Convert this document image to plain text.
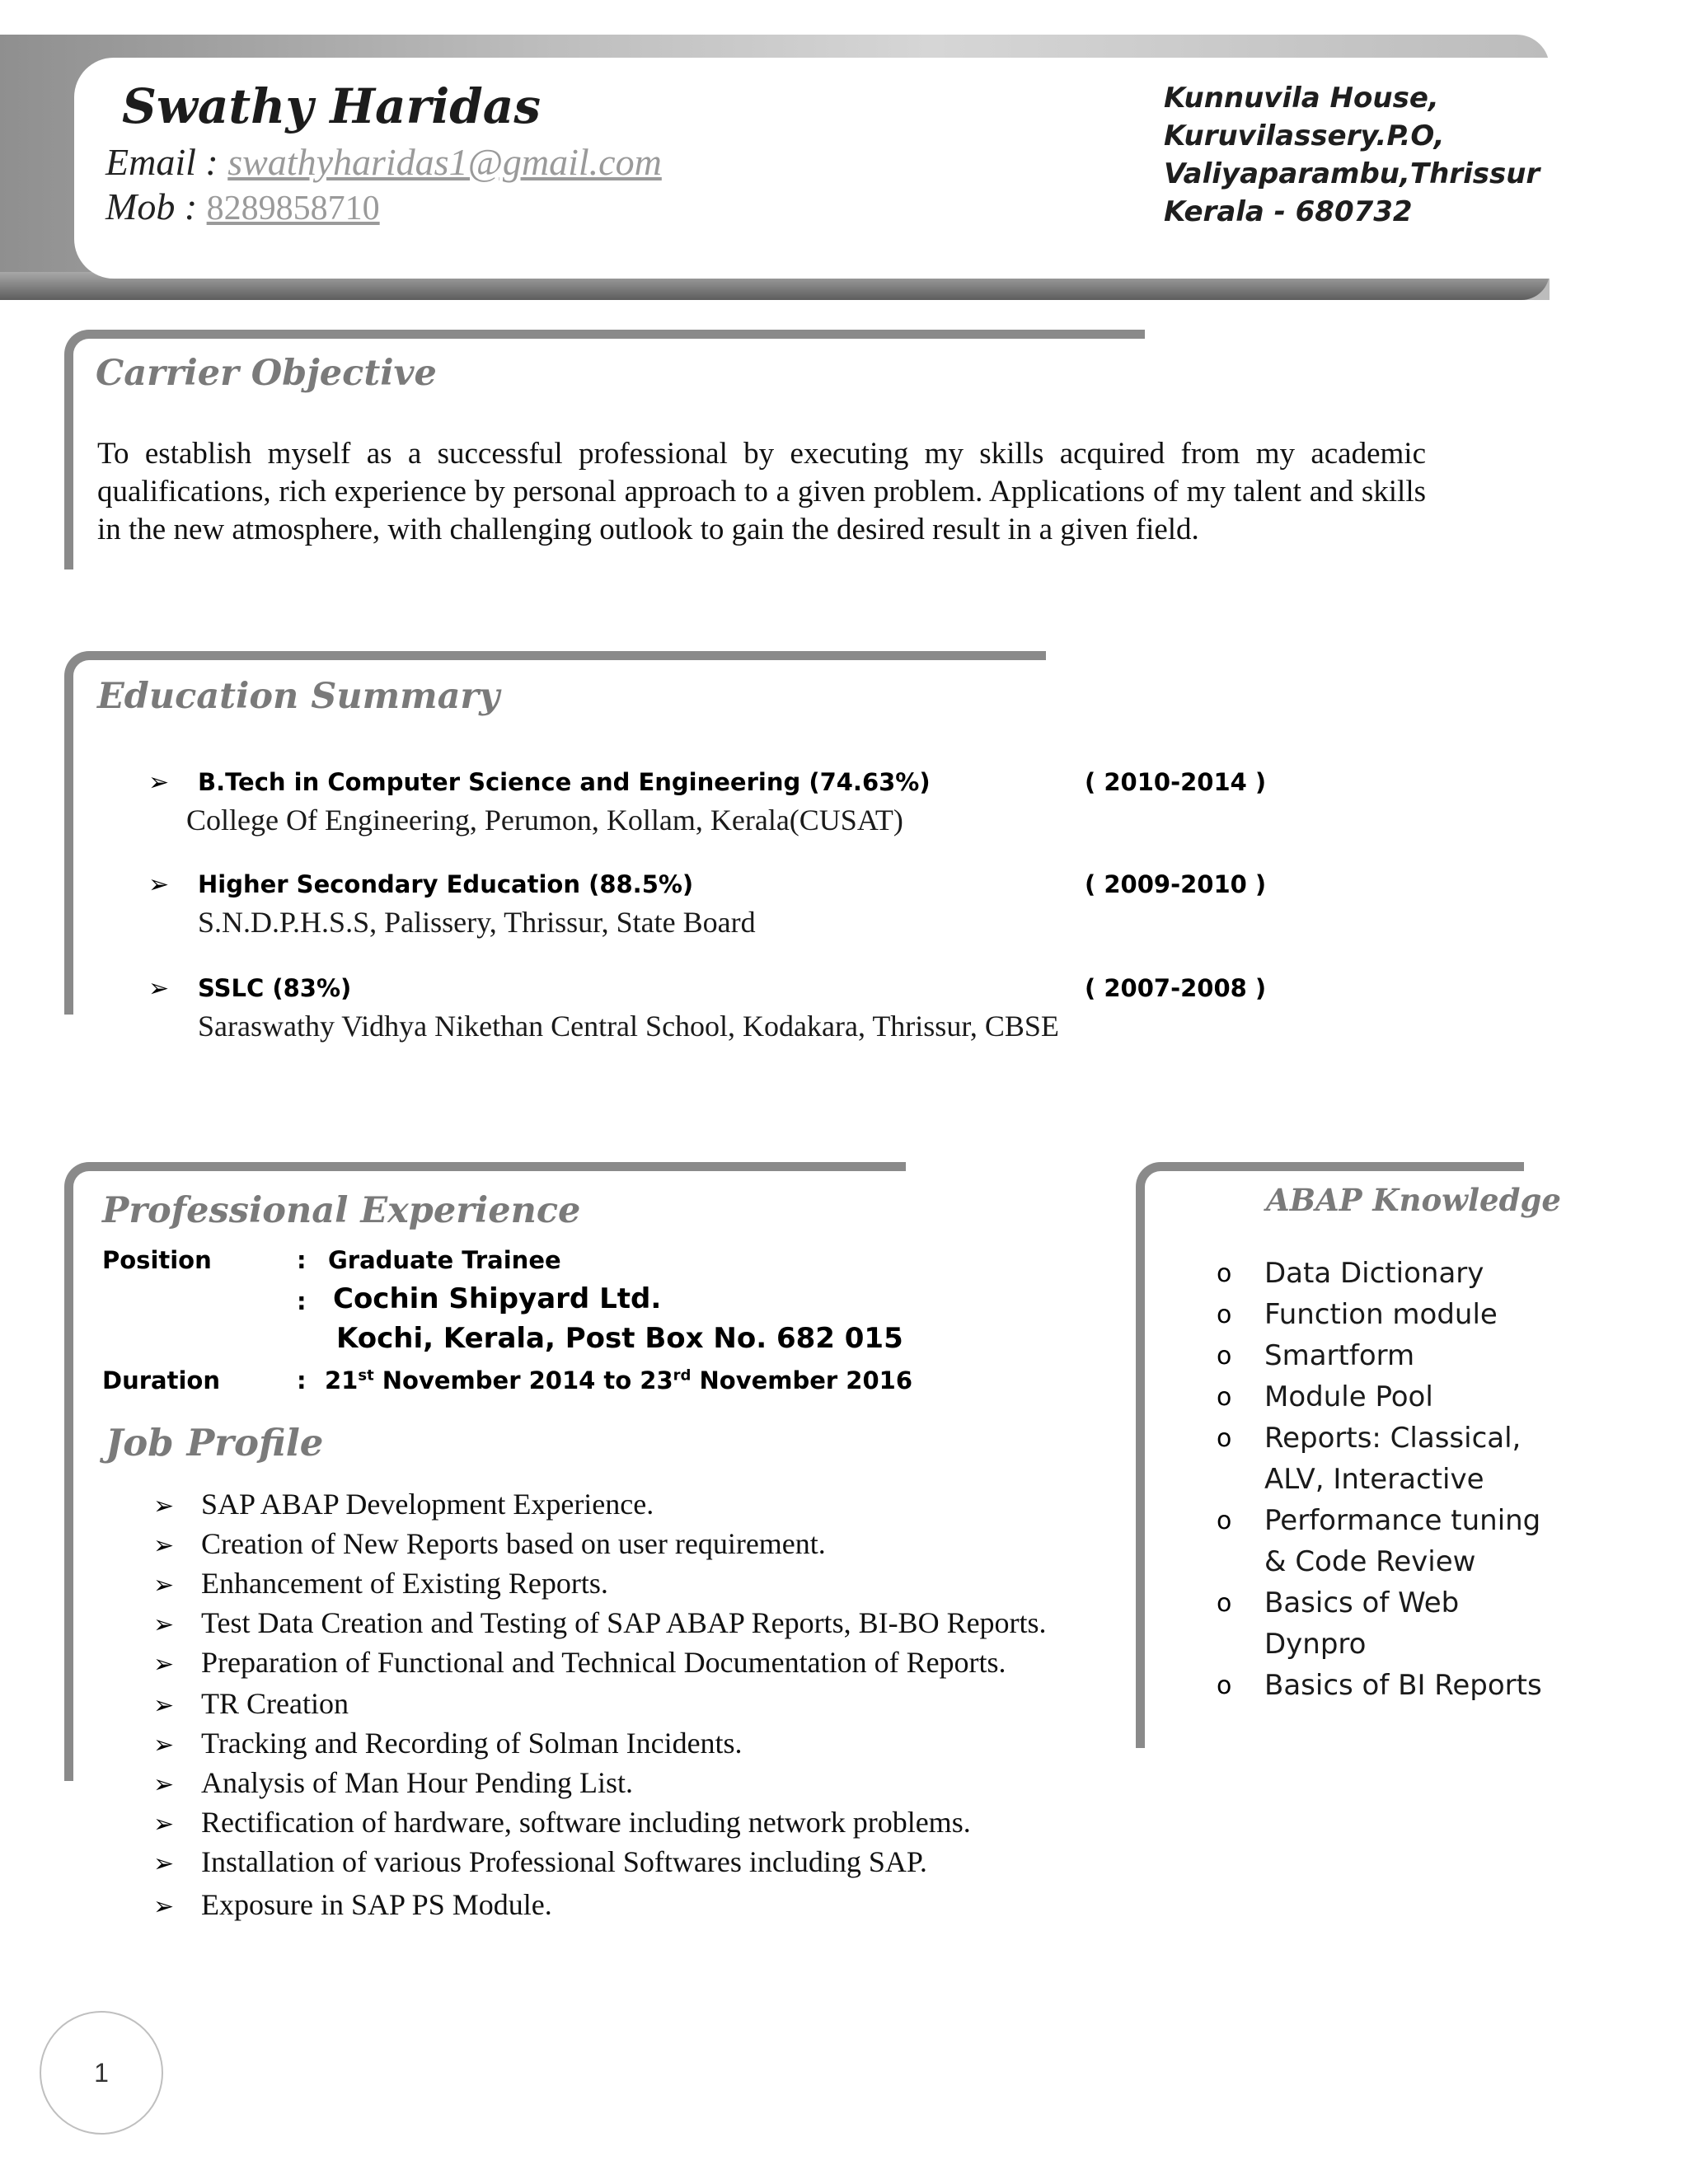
Swathy Haridas
Email : swathyharidas1@gmail.com
Mob : 8289858710
Kunnuvila House,
Kuruvilassery.P.O,
Valiyaparambu,Thrissur
Kerala - 680732
Carrier Objective
To establish myself as a successful professional by executing my skills acquired from my academic qualifications, rich experience by personal approach to a given problem. Applications of my talent and skills in the new atmosphere, with challenging outlook to gain the desired result in a given field.
Education Summary
➢ B.Tech in Computer Science and Engineering (74.63%)	( 2010-2014 )
College Of Engineering, Perumon, Kollam, Kerala(CUSAT)
➢ Higher Secondary Education (88.5%)	( 2009-2010 )
S.N.D.P.H.S.S, Palissery, Thrissur, State Board
➢ SSLC (83%)	( 2007-2008 )
Saraswathy Vidhya Nikethan Central School, Kodakara, Thrissur, CBSE
Professional Experience
Position	: Graduate Trainee
: Cochin Shipyard Ltd.
Kochi, Kerala, Post Box No. 682 015
Duration	: 21st November 2014 to 23rd November 2016
Job Profile
➢ SAP ABAP Development Experience.
➢ Creation of New Reports based on user requirement.
➢ Enhancement of Existing Reports.
➢ Test Data Creation and Testing of SAP ABAP Reports, BI-BO Reports.
➢ Preparation of Functional and Technical Documentation of Reports.
➢ TR Creation
➢ Tracking and Recording of Solman Incidents.
➢ Analysis of Man Hour Pending List.
➢ Rectification of hardware, software including network problems.
➢ Installation of various Professional Softwares including SAP.
➢ Exposure in SAP PS Module.
ABAP Knowledge
o Data Dictionary
o Function module
o Smartform
o Module Pool
o Reports: Classical,
ALV, Interactive
o Performance tuning
& Code Review
o Basics of Web
Dynpro
o Basics of BI Reports
1
